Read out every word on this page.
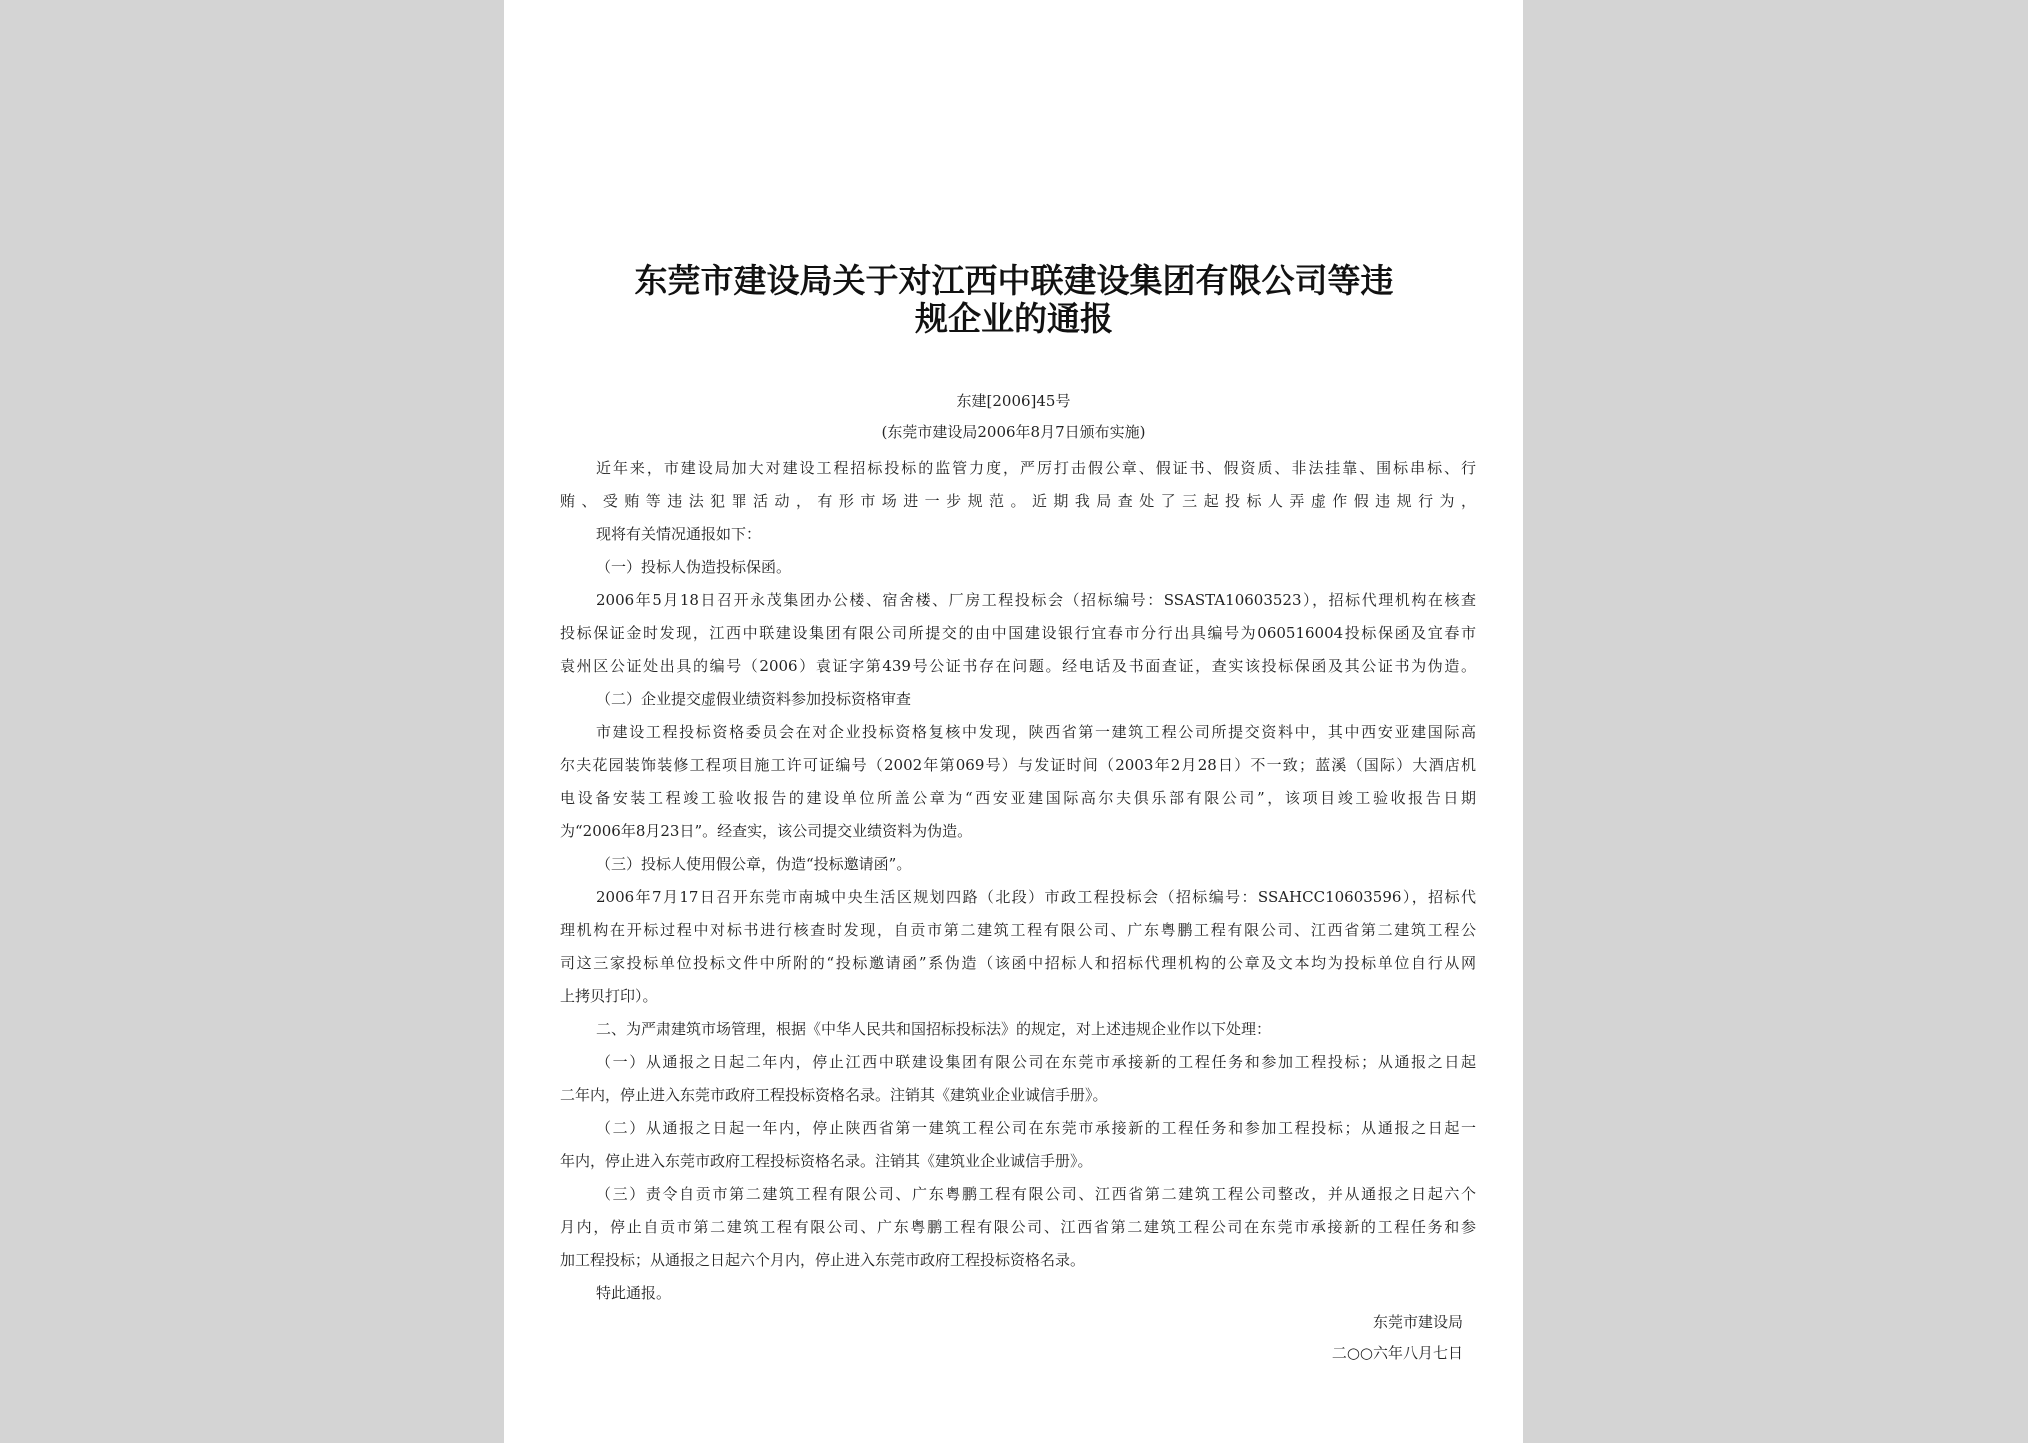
东莞市建设局关于对江西中联建设集团有限公司等违
规企业的通报
东建[2006]45号
(东莞市建设局2006年8月7日颁布实施)
近年来，市建设局加大对建设工程招标投标的监管力度，严厉打击假公章、假证书、假资质、非法挂靠、围标串标、行
贿、受贿等违法犯罪活动，有形市场进一步规范。近期我局查处了三起投标人弄虚作假违规行为，
现将有关情况通报如下：
（一）投标人伪造投标保函。
2006年5月18日召开永茂集团办公楼、宿舍楼、厂房工程投标会（招标编号：SSASTA10603523），招标代理机构在核查
投标保证金时发现，江西中联建设集团有限公司所提交的由中国建设银行宜春市分行出具编号为060516004投标保函及宜春市
袁州区公证处出具的编号（2006）袁证字第439号公证书存在问题。经电话及书面查证，查实该投标保函及其公证书为伪造。
（二）企业提交虚假业绩资料参加投标资格审查
市建设工程投标资格委员会在对企业投标资格复核中发现，陕西省第一建筑工程公司所提交资料中，其中西安亚建国际高
尔夫花园装饰装修工程项目施工许可证编号（2002年第069号）与发证时间（2003年2月28日）不一致；蓝溪（国际）大酒店机
电设备安装工程竣工验收报告的建设单位所盖公章为“西安亚建国际高尔夫俱乐部有限公司”，该项目竣工验收报告日期
为“2006年8月23日”。经查实，该公司提交业绩资料为伪造。
（三）投标人使用假公章，伪造“投标邀请函”。
2006年7月17日召开东莞市南城中央生活区规划四路（北段）市政工程投标会（招标编号：SSAHCC10603596），招标代
理机构在开标过程中对标书进行核查时发现，自贡市第二建筑工程有限公司、广东粤鹏工程有限公司、江西省第二建筑工程公
司这三家投标单位投标文件中所附的“投标邀请函”系伪造（该函中招标人和招标代理机构的公章及文本均为投标单位自行从网
上拷贝打印）。
二、为严肃建筑市场管理，根据《中华人民共和国招标投标法》的规定，对上述违规企业作以下处理：
（一）从通报之日起二年内，停止江西中联建设集团有限公司在东莞市承接新的工程任务和参加工程投标；从通报之日起
二年内，停止进入东莞市政府工程投标资格名录。注销其《建筑业企业诚信手册》。
（二）从通报之日起一年内，停止陕西省第一建筑工程公司在东莞市承接新的工程任务和参加工程投标；从通报之日起一
年内，停止进入东莞市政府工程投标资格名录。注销其《建筑业企业诚信手册》。
（三）责令自贡市第二建筑工程有限公司、广东粤鹏工程有限公司、江西省第二建筑工程公司整改，并从通报之日起六个
月内，停止自贡市第二建筑工程有限公司、广东粤鹏工程有限公司、江西省第二建筑工程公司在东莞市承接新的工程任务和参
加工程投标；从通报之日起六个月内，停止进入东莞市政府工程投标资格名录。
特此通报。
东莞市建设局
二○○六年八月七日
